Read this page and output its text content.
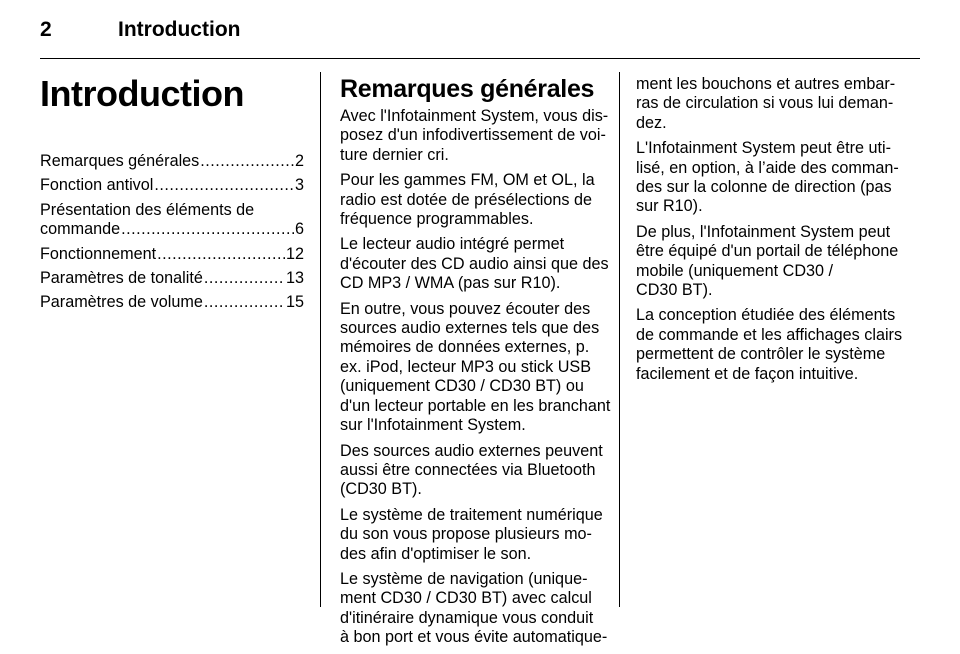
2	Introduction
Introduction
Remarques générales .....	2
Fonction antivol .....	3
Présentation des éléments de
commande .....	6
Fonctionnement .....	12
Paramètres de tonalité .....	13
Paramètres de volume .....	15
Remarques générales
Avec l'Infotainment System, vous dis-
posez d'un infodivertissement de voi-
ture dernier cri.
Pour les gammes FM, OM et OL, la
radio est dotée de présélections de
fréquence programmables.
Le lecteur audio intégré permet
d'écouter des CD audio ainsi que des
CD MP3 / WMA (pas sur R10).
En outre, vous pouvez écouter des
sources audio externes tels que des
mémoires de données externes, p.
ex. iPod, lecteur MP3 ou stick USB
(uniquement CD30 / CD30 BT) ou
d'un lecteur portable en les branchant
sur l'Infotainment System.
Des sources audio externes peuvent
aussi être connectées via Bluetooth
(CD30 BT).
Le système de traitement numérique
du son vous propose plusieurs mo-
des afin d'optimiser le son.
Le système de navigation (unique-
ment CD30 / CD30 BT) avec calcul
d'itinéraire dynamique vous conduit
à bon port et vous évite automatique-
ment les bouchons et autres embar-
ras de circulation si vous lui deman-
dez.
L'Infotainment System peut être uti-
lisé, en option, à l’aide des comman-
des sur la colonne de direction (pas
sur R10).
De plus, l'Infotainment System peut
être équipé d'un portail de téléphone
mobile (uniquement CD30 /
CD30 BT).
La conception étudiée des éléments
de commande et les affichages clairs
permettent de contrôler le système
facilement et de façon intuitive.
